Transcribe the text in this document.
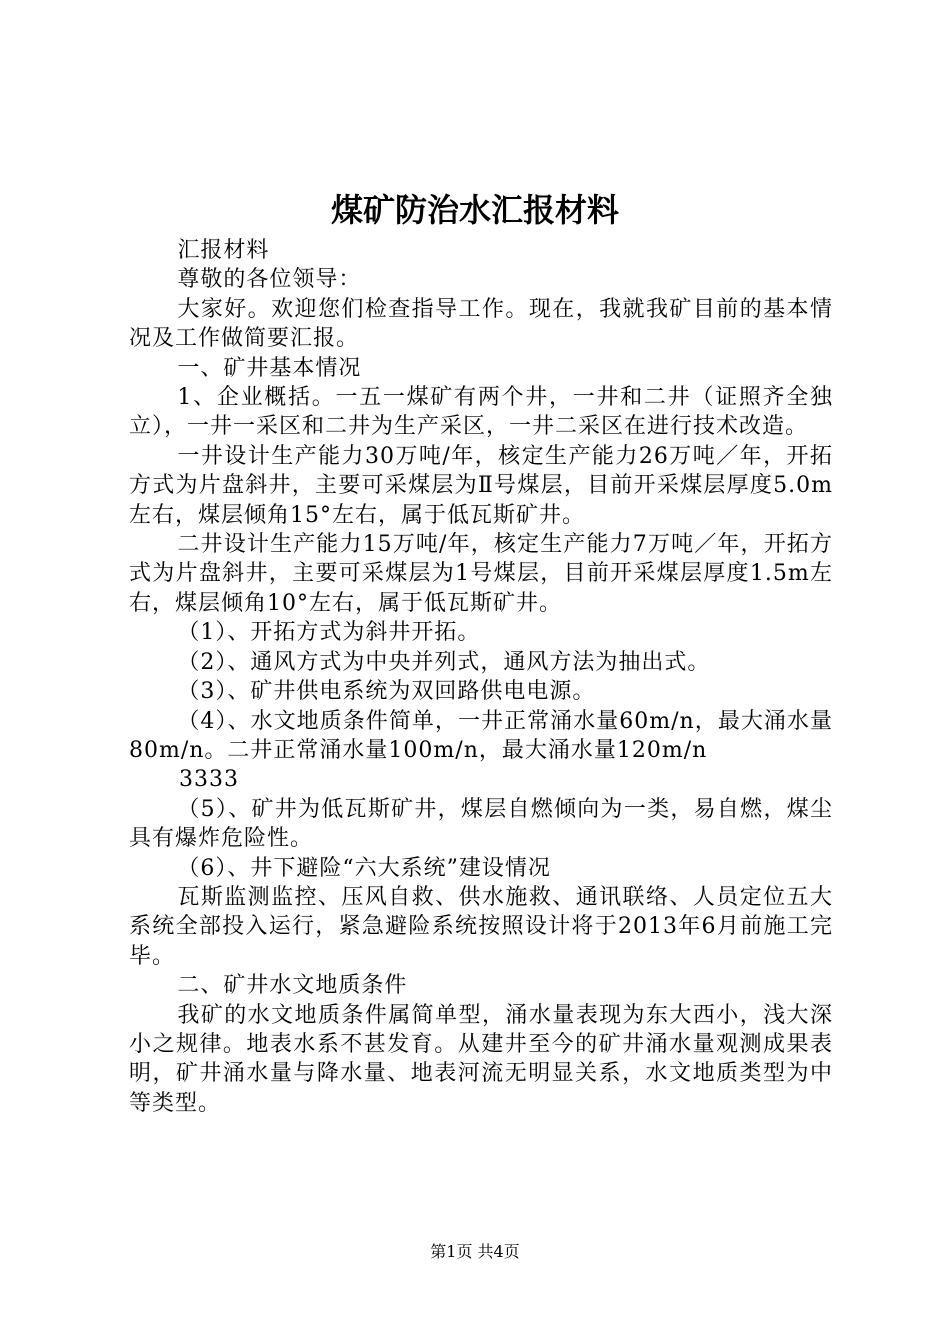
煤矿防治水汇报材料

汇报材料

尊敬的各位领导：

大家好。欢迎您们检查指导工作。现在，我就我矿目前的基本情况及工作做简要汇报。

一、矿井基本情况

1、企业概括。一五一煤矿有两个井，一井和二井（证照齐全独立），一井一采区和二井为生产采区，一井二采区在进行技术改造。

一井设计生产能力30万吨/年，核定生产能力26万吨／年，开拓方式为片盘斜井，主要可采煤层为Ⅱ号煤层，目前开采煤层厚度5.0m左右，煤层倾角15°左右，属于低瓦斯矿井。

二井设计生产能力15万吨/年，核定生产能力7万吨／年，开拓方式为片盘斜井，主要可采煤层为1号煤层，目前开采煤层厚度1.5m左右，煤层倾角10°左右，属于低瓦斯矿井。

（1）、开拓方式为斜井开拓。

（2）、通风方式为中央并列式，通风方法为抽出式。

（3）、矿井供电系统为双回路供电电源。

（4）、水文地质条件简单，一井正常涌水量60m/n，最大涌水量80m/n。二井正常涌水量100m/n，最大涌水量120m/n

3333

（5）、矿井为低瓦斯矿井，煤层自燃倾向为一类，易自燃，煤尘具有爆炸危险性。

（6）、井下避险“六大系统”建设情况

瓦斯监测监控、压风自救、供水施救、通讯联络、人员定位五大系统全部投入运行，紧急避险系统按照设计将于2013年6月前施工完毕。

二、矿井水文地质条件

我矿的水文地质条件属简单型，涌水量表现为东大西小，浅大深小之规律。地表水系不甚发育。从建井至今的矿井涌水量观测成果表明，矿井涌水量与降水量、地表河流无明显关系，水文地质类型为中等类型。

第1页 共4页
